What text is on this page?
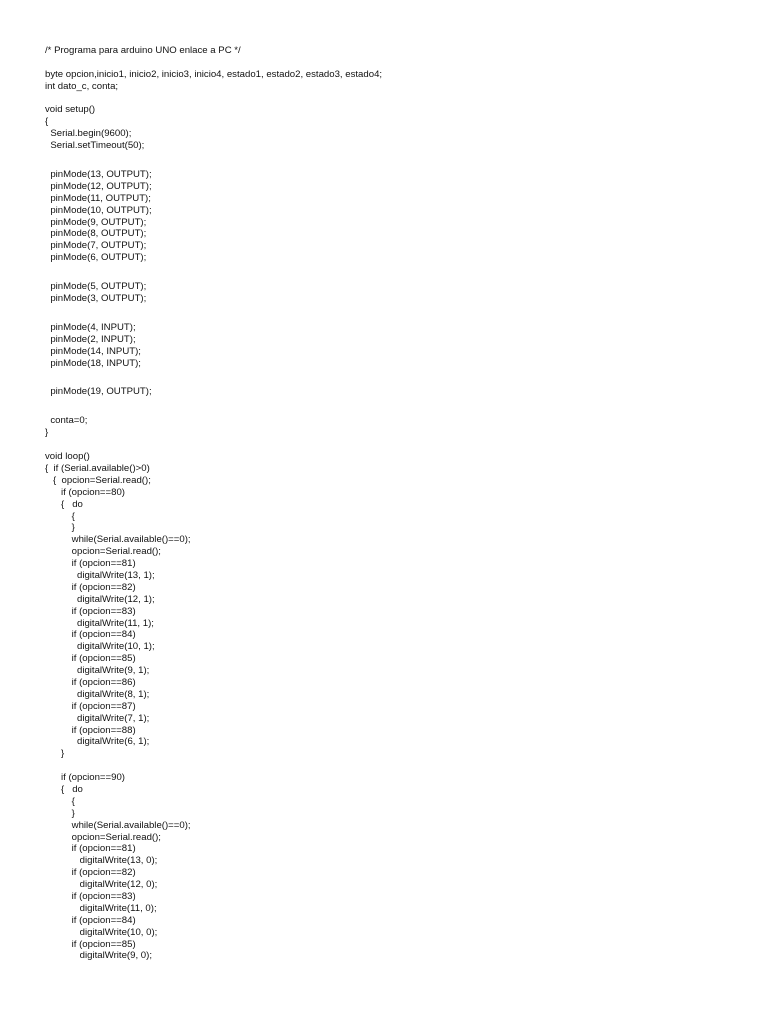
/* Programa para arduino UNO enlace a PC */
byte opcion,inicio1, inicio2, inicio3, inicio4, estado1, estado2, estado3, estado4;
int dato_c, conta;
void setup()
{
Serial.begin(9600);
Serial.setTimeout(50);
pinMode(13, OUTPUT);
pinMode(12, OUTPUT);
pinMode(11, OUTPUT);
pinMode(10, OUTPUT);
pinMode(9, OUTPUT);
pinMode(8, OUTPUT);
pinMode(7, OUTPUT);
pinMode(6, OUTPUT);
pinMode(5, OUTPUT);
pinMode(3, OUTPUT);
pinMode(4, INPUT);
pinMode(2, INPUT);
pinMode(14, INPUT);
pinMode(18, INPUT);
pinMode(19, OUTPUT);
conta=0;
}
void loop()
{  if (Serial.available()>0)
{  opcion=Serial.read();
if (opcion==80)
{   do
{
}
while(Serial.available()==0);
opcion=Serial.read();
if (opcion==81)
digitalWrite(13, 1);
if (opcion==82)
digitalWrite(12, 1);
if (opcion==83)
digitalWrite(11, 1);
if (opcion==84)
digitalWrite(10, 1);
if (opcion==85)
digitalWrite(9, 1);
if (opcion==86)
digitalWrite(8, 1);
if (opcion==87)
digitalWrite(7, 1);
if (opcion==88)
digitalWrite(6, 1);
}
if (opcion==90)
{   do
{
}
while(Serial.available()==0);
opcion=Serial.read();
if (opcion==81)
digitalWrite(13, 0);
if (opcion==82)
digitalWrite(12, 0);
if (opcion==83)
digitalWrite(11, 0);
if (opcion==84)
digitalWrite(10, 0);
if (opcion==85)
digitalWrite(9, 0);
